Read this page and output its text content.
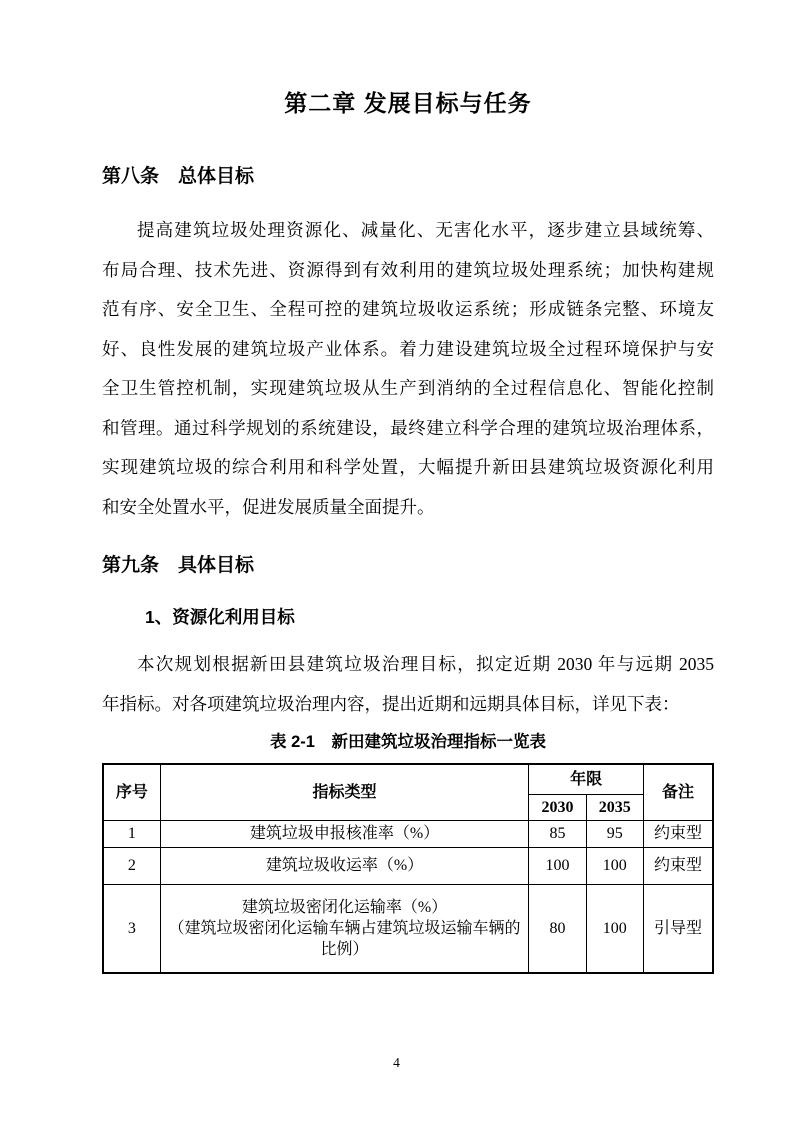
第二章 发展目标与任务
第八条　总体目标
提高建筑垃圾处理资源化、减量化、无害化水平，逐步建立县域统筹、
布局合理、技术先进、资源得到有效利用的建筑垃圾处理系统；加快构建规
范有序、安全卫生、全程可控的建筑垃圾收运系统；形成链条完整、环境友
好、良性发展的建筑垃圾产业体系。着力建设建筑垃圾全过程环境保护与安
全卫生管控机制，实现建筑垃圾从生产到消纳的全过程信息化、智能化控制
和管理。通过科学规划的系统建设，最终建立科学合理的建筑垃圾治理体系，
实现建筑垃圾的综合利用和科学处置，大幅提升新田县建筑垃圾资源化利用
和安全处置水平，促进发展质量全面提升。
第九条　具体目标
1、资源化利用目标
本次规划根据新田县建筑垃圾治理目标，拟定近期 2030 年与远期 2035
年指标。对各项建筑垃圾治理内容，提出近期和远期具体目标，详见下表：
表 2-1　新田建筑垃圾治理指标一览表
序号	指标类型	年限		备注
		2030	2035	
1	建筑垃圾申报核准率（%）	85	95	约束型
2	建筑垃圾收运率（%）	100	100	约束型
3	建筑垃圾密闭化运输率（%）
（建筑垃圾密闭化运输车辆占建筑垃圾运输车辆的比例）	80	100	引导型
4
